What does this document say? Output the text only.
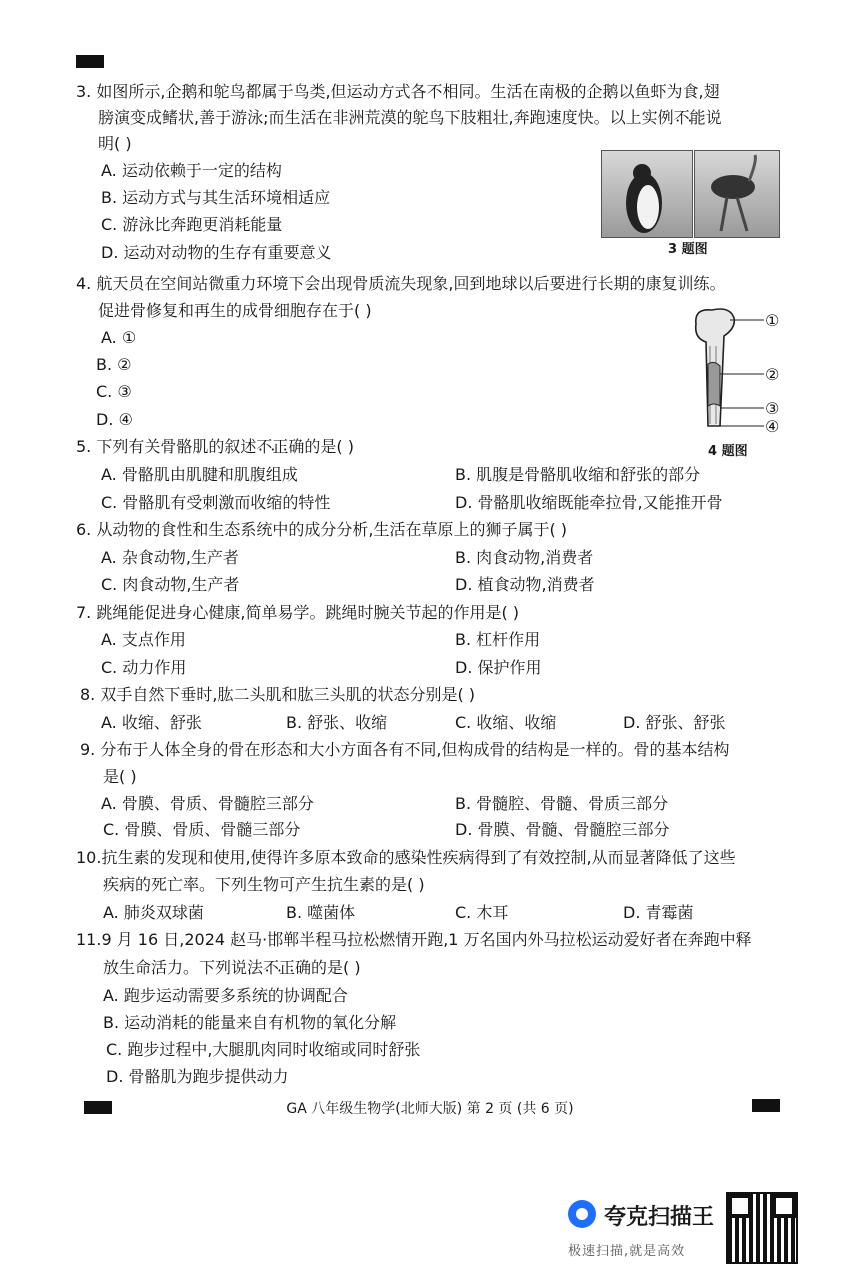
3. 如图所示,企鹅和鸵鸟都属于鸟类,但运动方式各不相同。生活在南极的企鹅以鱼虾为食,翅
膀演变成鳍状,善于游泳;而生活在非洲荒漠的鸵鸟下肢粗壮,奔跑速度快。以上实例不能 • •说
明( )
A. 运动依赖于一定的结构
B. 运动方式与其生活环境相适应
C. 游泳比奔跑更消耗能量
D. 运动对动物的生存有重要意义	3 题图
4. 航天员在空间站微重力环境下会出现骨质流失现象,回到地球以后要进行长期的康复训练。
促进骨修复和再生的成骨细胞存在于( )
A. ①
B. ②
C. ③
D. ④
①
②
③
④
4 题图
5. 下列有关骨骼肌的叙述不正确 • • •的是( )
A. 骨骼肌由肌腱和肌腹组成	B. 肌腹是骨骼肌收缩和舒张的部分
C. 骨骼肌有受刺激而收缩的特性	D. 骨骼肌收缩既能牵拉骨,又能推开骨
6. 从动物的食性和生态系统中的成分分析,生活在草原上的狮子属于( )
A. 杂食动物,生产者	B. 肉食动物,消费者
C. 肉食动物,生产者	D. 植食动物,消费者
7. 跳绳能促进身心健康,简单易学。跳绳时腕关节起的作用是( )
A. 支点作用	B. 杠杆作用
C. 动力作用	D. 保护作用
8. 双手自然下垂时,肱二头肌和肱三头肌的状态分别是( )
A. 收缩、舒张	B. 舒张、收缩	C. 收缩、收缩	D. 舒张、舒张
9. 分布于人体全身的骨在形态和大小方面各有不同,但构成骨的结构是一样的。骨的基本结构
是( )
A. 骨膜、骨质、骨髓腔三部分	B. 骨髓腔、骨髓、骨质三部分
C. 骨膜、骨质、骨髓三部分	D. 骨膜、骨髓、骨髓腔三部分
10.抗生素的发现和使用,使得许多原本致命的感染性疾病得到了有效控制,从而显著降低了这些
疾病的死亡率。下列生物可产生抗生素的是( )
A. 肺炎双球菌	B. 噬菌体	C. 木耳	D. 青霉菌
11.9 月 16 日,2024 赵马·邯郸半程马拉松燃情开跑,1 万名国内外马拉松运动爱好者在奔跑中释
放生命活力。下列说法不正确 • • •的是( )
A. 跑步运动需要多系统的协调配合
B. 运动消耗的能量来自有机物的氧化分解
C. 跑步过程中,大腿肌肉同时收缩或同时舒张
D. 骨骼肌为跑步提供动力
GA 八年级生物学(北师大版) 第 2 页 (共 6 页)
夸克扫描王
极速扫描,就是高效
